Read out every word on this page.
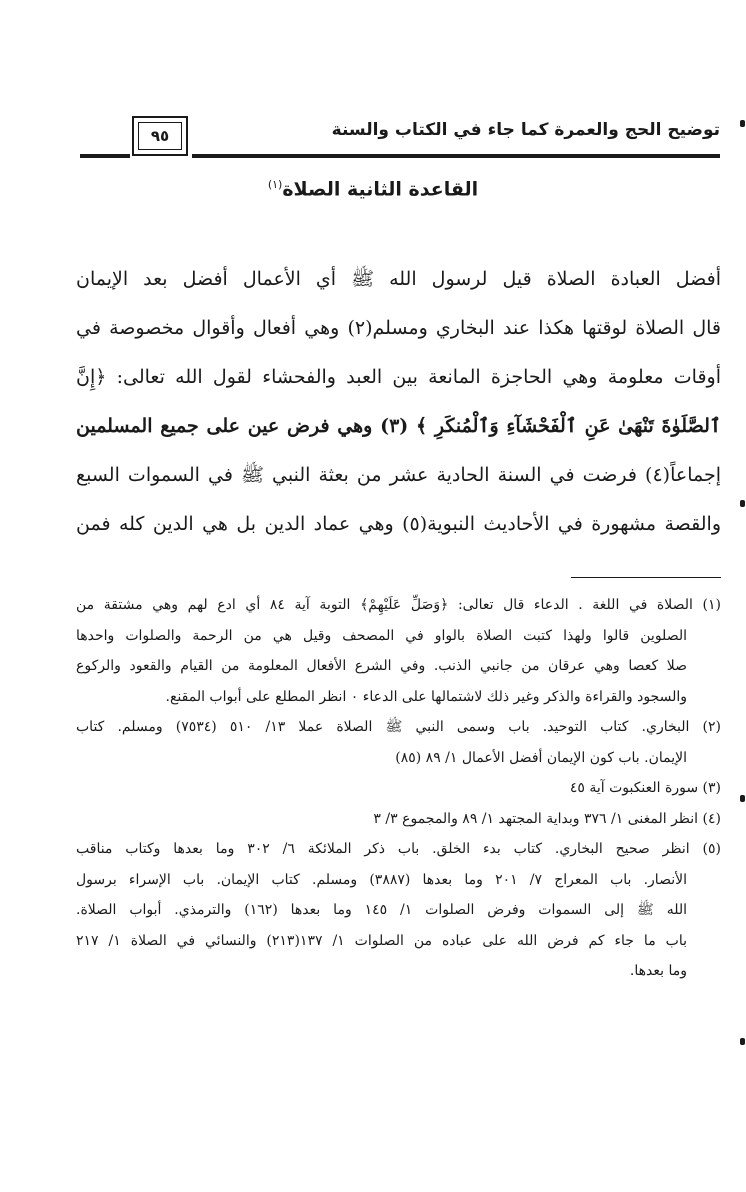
توضيح الحج والعمرة كما جاء في الكتاب والسنة
٩٥
القاعدة الثانية الصلاة$^{(١)}$
أفضل العبادة الصلاة قيل لرسول الله ﷺ أي الأعمال أفضل بعد الإيمان
قال الصلاة لوقتها هكذا عند البخاري ومسلم(٢) وهي أفعال وأقوال مخصوصة في
أوقات معلومة وهي الحاجزة المانعة بين العبد والفحشاء لقول الله تعالى: ﴿إِنَّ
ٱلصَّلَوٰةَ تَنْهَىٰ عَنِ ٱلْفَحْشَآءِ وَٱلْمُنكَرِ ﴾ (٣) وهي فرض عين على جميع المسلمين
إجماعاً(٤) فرضت في السنة الحادية عشر من بعثة النبي ﷺ في السموات السبع
والقصة مشهورة في الأحاديث النبوية(٥) وهي عماد الدين بل هي الدين كله فمن
(١) الصلاة في اللغة . الدعاء قال تعالى: ﴿وَصَلِّ عَلَيْهِمْ﴾ التوبة آية ٨٤ أي ادع لهم وهي مشتقة من
الصلوين قالوا ولهذا كتبت الصلاة بالواو في المصحف وقيل هي من الرحمة والصلوات واحدها
صلا كعصا وهي عرقان من جانبي الذنب. وفي الشرع الأفعال المعلومة من القيام والقعود والركوع
والسجود والقراءة والذكر وغير ذلك لاشتمالها على الدعاء ٠ انظر المطلع على أبواب المقنع.
(٢) البخاري. كتاب التوحيد. باب وسمى النبي ﷺ الصلاة عملا ١٣/ ٥١٠ (٧٥٣٤) ومسلم. كتاب
الإيمان. باب كون الإيمان أفضل الأعمال ١/ ٨٩ (٨٥)
(٣) سورة العنكبوت آية ٤٥
(٤) انظر المغنى ١/ ٣٧٦ وبداية المجتهد ١/ ٨٩ والمجموع ٣/ ٣
(٥) انظر صحيح البخاري. كتاب بدء الخلق. باب ذكر الملائكة ٦/ ٣٠٢ وما بعدها وكتاب مناقب
الأنصار. باب المعراج ٧/ ٢٠١ وما بعدها (٣٨٨٧) ومسلم. كتاب الإيمان. باب الإسراء برسول
الله ﷺ إلى السموات وفرض الصلوات ١/ ١٤٥ وما بعدها (١٦٢) والترمذي. أبواب الصلاة.
باب ما جاء كم فرض الله على عباده من الصلوات ١/ ١٣٧(٢١٣) والنسائي في الصلاة ١/ ٢١٧
وما بعدها.
